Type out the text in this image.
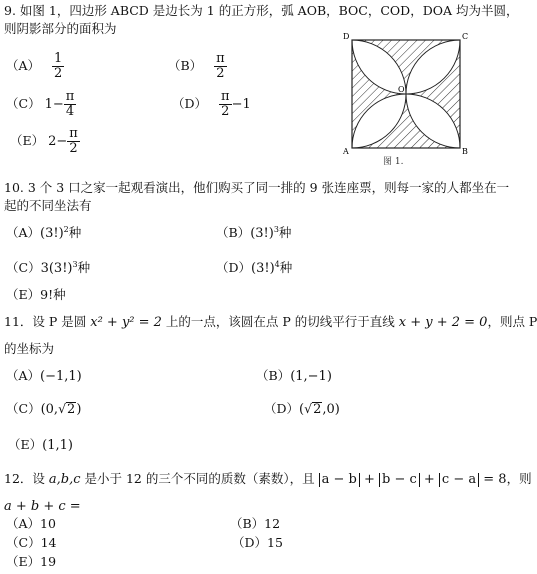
9. 如图 1，四边形 ABCD 是边长为 1 的正方形，弧 AOB，BOC，COD，DOA 均为半圆，
则阴影部分的面积为
$(A) \frac{1}{2}$	$(B) \frac{\pi}{2}$
（C） $1- \frac{\pi}{4}$	$(D) \frac{\pi}{2} -1$
（E） $2- \frac{\pi}{2}$
D	C
A	B
O
图 1.
10. 3 个 3 口之家一起观看演出，他们购买了同一排的 9 张连座票，则每一家的人都坐在一
起的不同坐法有
$(A)(3!)^2$种	$(B)(3!)^3$种
$(C)3(3!)^3$种	$(D)(3!)^4$种
（E）9!种
11．设 P 是圆 x² + y² = 2 上的一点，该圆在点 P 的切线平行于直线 x + y + 2 = 0，则点 P
的坐标为
（A）(−1,1)	（B）(1,−1)
（C）(0,√2)	（D）(√2,0)
（E）(1,1)
12．设 a,b,c 是小于 12 的三个不同的质数（素数），且 a − b + b − c + c − a = 8，则
a + b + c =
（A）10	（B）12
（C）14	（D）15
（E）19
